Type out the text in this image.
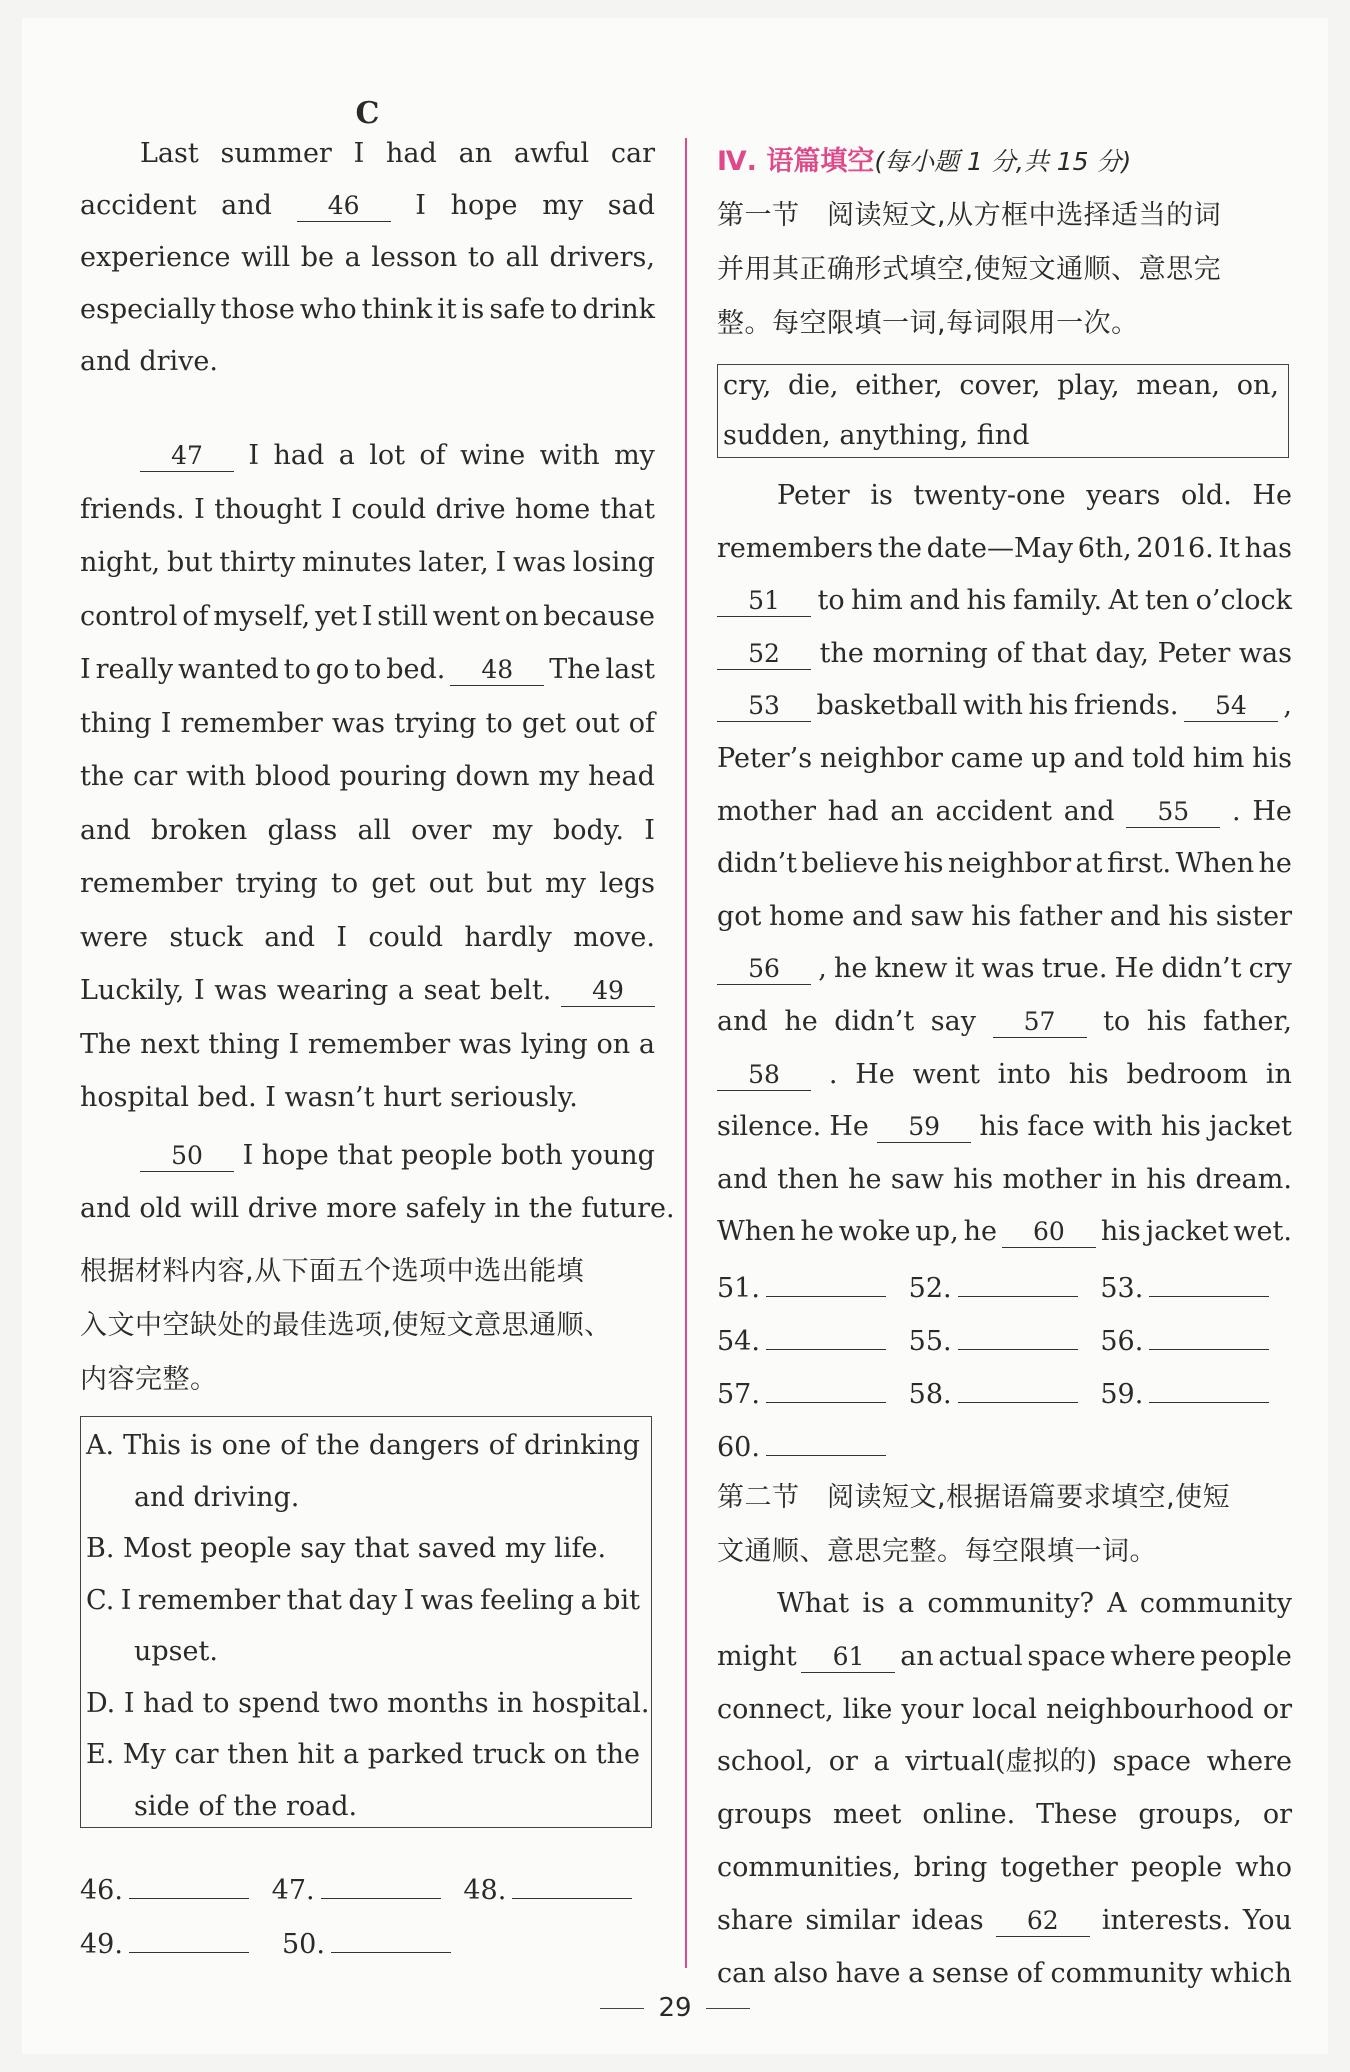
C
Last summer I had an awful car
accident and	46	I hope my sad
experience will be a lesson to all drivers,
especially those who think it is safe to drink
and drive.
47	I had a lot of wine with my
friends. I thought I could drive home that
night, but thirty minutes later, I was losing
control of myself, yet I still went on because
I really wanted to go to bed.	48	The last
thing I remember was trying to get out of
the car with blood pouring down my head
and broken glass all over my body. I
remember trying to get out but my legs
were stuck and I could hardly move.
Luckily, I was wearing a seat belt.	49
The next thing I remember was lying on a
hospital bed. I wasn’t hurt seriously.
50	I hope that people both young
and old will drive more safely in the future.
根据材料内容,从下面五个选项中选出能填
入文中空缺处的最佳选项,使短文意思通顺、
内容完整。
A. This is one of the dangers of drinking
and driving.
B. Most people say that saved my life.
C. I remember that day I was feeling a bit
upset.
D. I had to spend two months in hospital.
E. My car then hit a parked truck on the
side of the road.
46.	47.	48.
49.	50.
Ⅳ. 语篇填空 (每小题 1 分,共 15 分)
第一节　阅读短文,从方框中选择适当的词
并用其正确形式填空,使短文通顺、意思完
整。每空限填一词,每词限用一次。
cry, die, either, cover, play, mean, on,
sudden, anything, find
Peter is twenty-one years old. He
remembers the date—May 6th, 2016. It has
51	to him and his family. At ten o’clock
52	the morning of that day, Peter was
53	basketball with his friends.	54	,
Peter’s neighbor came up and told him his
mother had an accident and	55	. He
didn’t believe his neighbor at first. When he
got home and saw his father and his sister
56	, he knew it was true. He didn’t cry
and he didn’t say	57	to his father,
58	. He went into his bedroom in
silence. He	59	his face with his jacket
and then he saw his mother in his dream.
When he woke up, he	60	his jacket wet.
51.	52.	53.
54.	55.	56.
57.	58.	59.
60.
第二节　阅读短文,根据语篇要求填空,使短
文通顺、意思完整。每空限填一词。
What is a community? A community
might	61	an actual space where people
connect, like your local neighbourhood or
school, or a virtual(虚拟的) space where
groups meet online. These groups, or
communities, bring together people who
share similar ideas	62	interests. You
can also have a sense of community which
29
